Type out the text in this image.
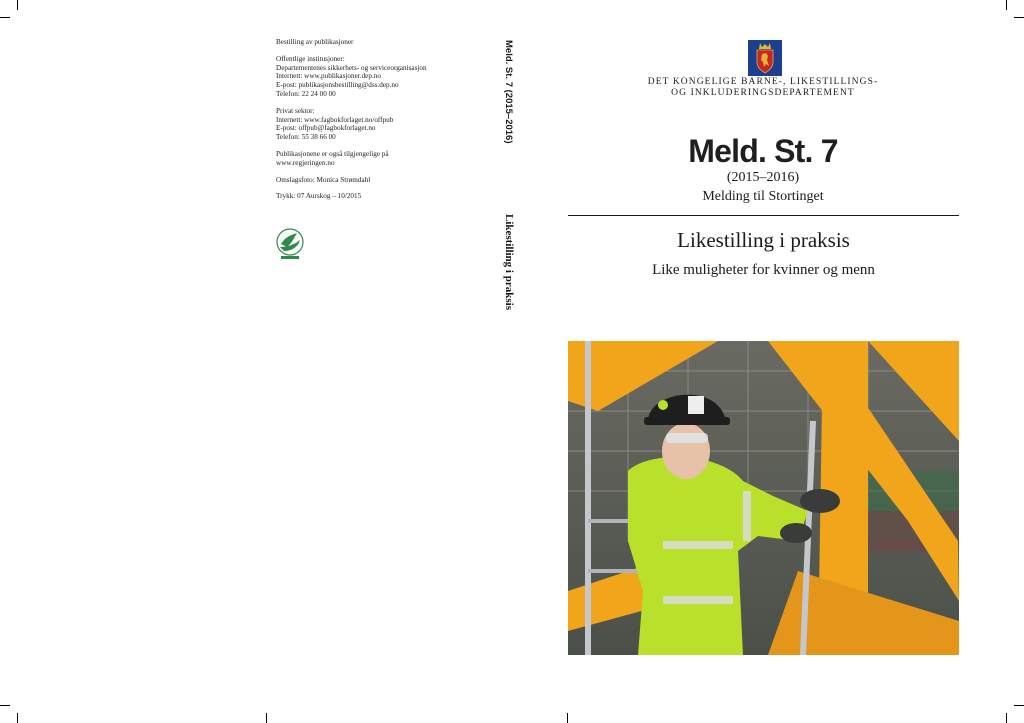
Bestilling av publikasjoner

Offentlige institusjoner:
Departementenes sikkerhets- og serviceorganisasjon
Internett: www.publikasjoner.dep.no
E-post: publikasjonsbestilling@dss.dep.no
Telefon: 22 24 00 00

Privat sektor:
Internett: www.fagbokforlaget.no/offpub
E-post: offpub@fagbokforlaget.no
Telefon: 55 38 66 00

Publikasjonene er også tilgjengelige på
www.regjeringen.no

Omslagsfoto: Monica Strømdahl

Trykk: 07 Aurskog – 10/2015

Meld. St. 7 (2015–2016)
Likestilling i praksis
DET KONGELIGE BARNE-, LIKESTILLINGS-
OG INKLUDERINGSDEPARTEMENT
Meld. St. 7
(2015–2016)
Melding til Stortinget
Likestilling i praksis
Like muligheter for kvinner og menn
